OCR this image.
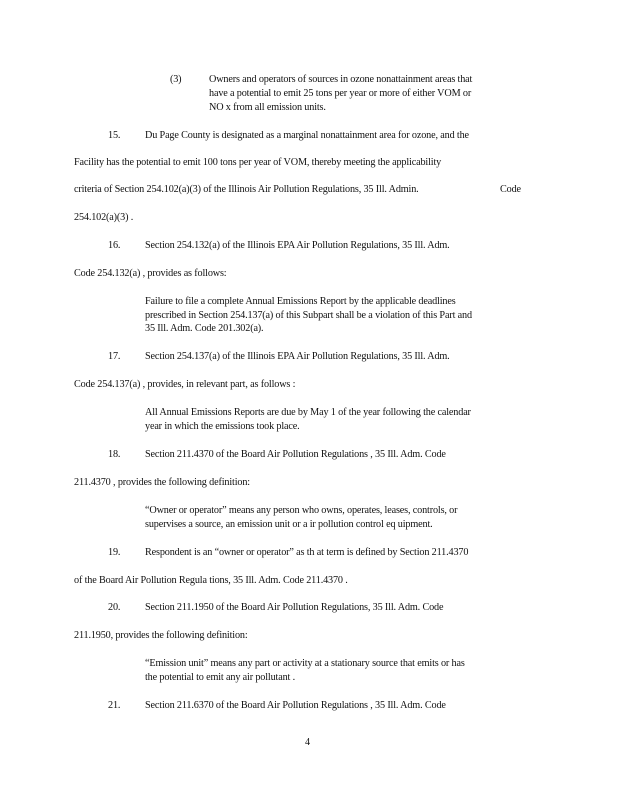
(3)	Owners and operators of sources in ozone nonattainment areas that
have a potential to emit 25 tons per year or more of either VOM or
NO x from all emission units.
15. Du Page County is designated as a marginal nonattainment area for ozone, and the
Facility has the potential to emit 100 tons per year of VOM, thereby meeting the applicability
criteria of Section 254.102(a)(3) of the Illinois Air Pollution Regulations, 35 Ill. Admin.	Code
254.102(a)(3) .
16. Section 254.132(a) of the Illinois EPA Air Pollution Regulations, 35 Ill. Adm.
Code 254.132(a) , provides as follows:
Failure to file a complete Annual Emissions Report by the applicable deadlines
prescribed in Section 254.137(a) of this Subpart shall be a violation of this Part and
35 Ill. Adm. Code 201.302(a).
17. Section 254.137(a) of the Illinois EPA Air Pollution Regulations, 35 Ill. Adm.
Code 254.137(a) , provides, in relevant part, as follows :
All Annual Emissions Reports are due by May 1 of the year following the calendar
year in which the emissions took place.
18. Section 211.4370 of the Board Air Pollution Regulations , 35 Ill. Adm. Code
211.4370 , provides the following definition:
“Owner or operator” means any person who owns, operates, leases, controls, or
supervises a source, an emission unit or a ir pollution control eq uipment.
19. Respondent is an “owner or operator” as th at term is defined by Section 211.4370
of the Board Air Pollution Regula tions, 35 Ill. Adm. Code 211.4370 .
20. Section 211.1950 of the Board Air Pollution Regulations, 35 Ill. Adm. Code
211.1950, provides the following definition:
“Emission unit” means any part or activity at a stationary source that emits or has
the potential to emit any air pollutant .
21. Section 211.6370 of the Board Air Pollution Regulations , 35 Ill. Adm. Code
4
